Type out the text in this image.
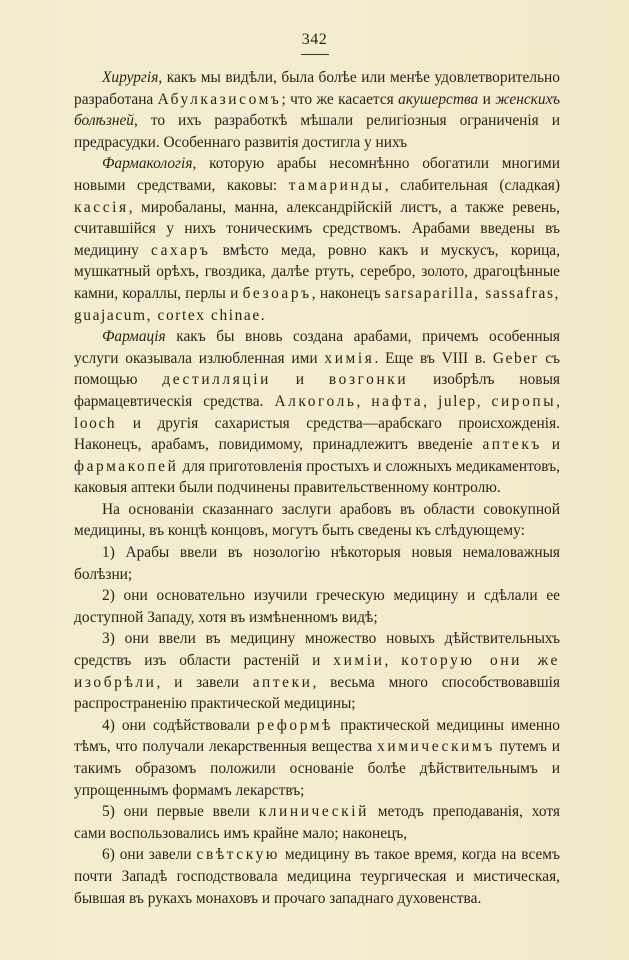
342

Хирургія, какъ мы видѣли, была болѣе или менѣе удовлетворительно разработана Абулказисомъ; что же касается акушерства и женскихъ болѣзней, то ихъ разработкѣ мѣшали религіозныя ограниченія и предрасудки. Особеннаго развитія достигла у нихъ

Фармакологія, которую арабы несомнѣнно обогатили многими новыми средствами, каковы: тамаринды, слабительная (сладкая) кассія, миробаланы, манна, александрійскій листъ, а также ревень, считавшійся у нихъ тоническимъ средствомъ. Арабами введены въ медицину сахаръ вмѣсто меда, ровно какъ и мускусъ, корица, мушкатный орѣхъ, гвоздика, далѣе ртуть, серебро, золото, драгоцѣнные камни, кораллы, перлы и безоаръ, наконецъ sarsaparilla, sassafras, guajacum, cortex chinae.

Фармація какъ бы вновь создана арабами, причемъ особенныя услуги оказывала излюбленная ими химія. Еще въ VIII в. Geber съ помощью дестилляціи и возгонки изобрѣлъ новыя фармацевтическія средства. Алкоголь, нафта, julep, сиропы, looch и другія сахаристыя средства—арабскаго происхожденія. Наконецъ, арабамъ, повидимому, принадлежитъ введеніе аптекъ и фармакопей для приготовленія простыхъ и сложныхъ медикаментовъ, каковыя аптеки были подчинены правительственному контролю.

На основаніи сказаннаго заслуги арабовъ въ области совокупной медицины, въ концѣ концовъ, могутъ быть сведены къ слѣдующему:

1) Арабы ввели въ нозологію нѣкоторыя новыя немаловажныя болѣзни;

2) они основательно изучили греческую медицину и сдѣлали ее доступной Западу, хотя въ измѣненномъ видѣ;

3) они ввели въ медицину множество новыхъ дѣйствительныхъ средствъ изъ области растеній и химіи, которую они же изобрѣли, и завели аптеки, весьма много способствовавшія распространенію практической медицины;

4) они содѣйствовали реформѣ практической медицины именно тѣмъ, что получали лекарственныя вещества химическимъ путемъ и такимъ образомъ положили основаніе болѣе дѣйствительнымъ и упрощеннымъ формамъ лекарствъ;

5) они первые ввели клиническій методъ преподаванія, хотя сами воспользовались имъ крайне мало; наконецъ,

6) они завели свѣтскую медицину въ такое время, когда на всемъ почти Западѣ господствовала медицина теургическая и мистическая, бывшая въ рукахъ монаховъ и прочаго западнаго духовенства.
